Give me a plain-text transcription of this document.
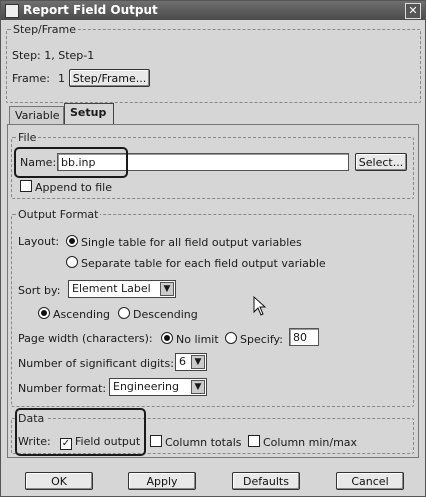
Report Field Output	✕
Step/Frame
Step: 1, Step-1
Frame: 1 Step/Frame...
Variable Setup
File
Name: bb.inp	Select...
Append to file
Output Format
Layout:	Single table for all field output variables
Separate table for each field output variable
Sort by: Element Label	▼
Ascending	Descending
Page width (characters):	No limit	Specify: 80
Number of significant digits: 6 ▼
Number format: Engineering	▼
Data
Write: ✓ Field output	Column totals	Column min/max
OK	Apply	Defaults	Cancel
